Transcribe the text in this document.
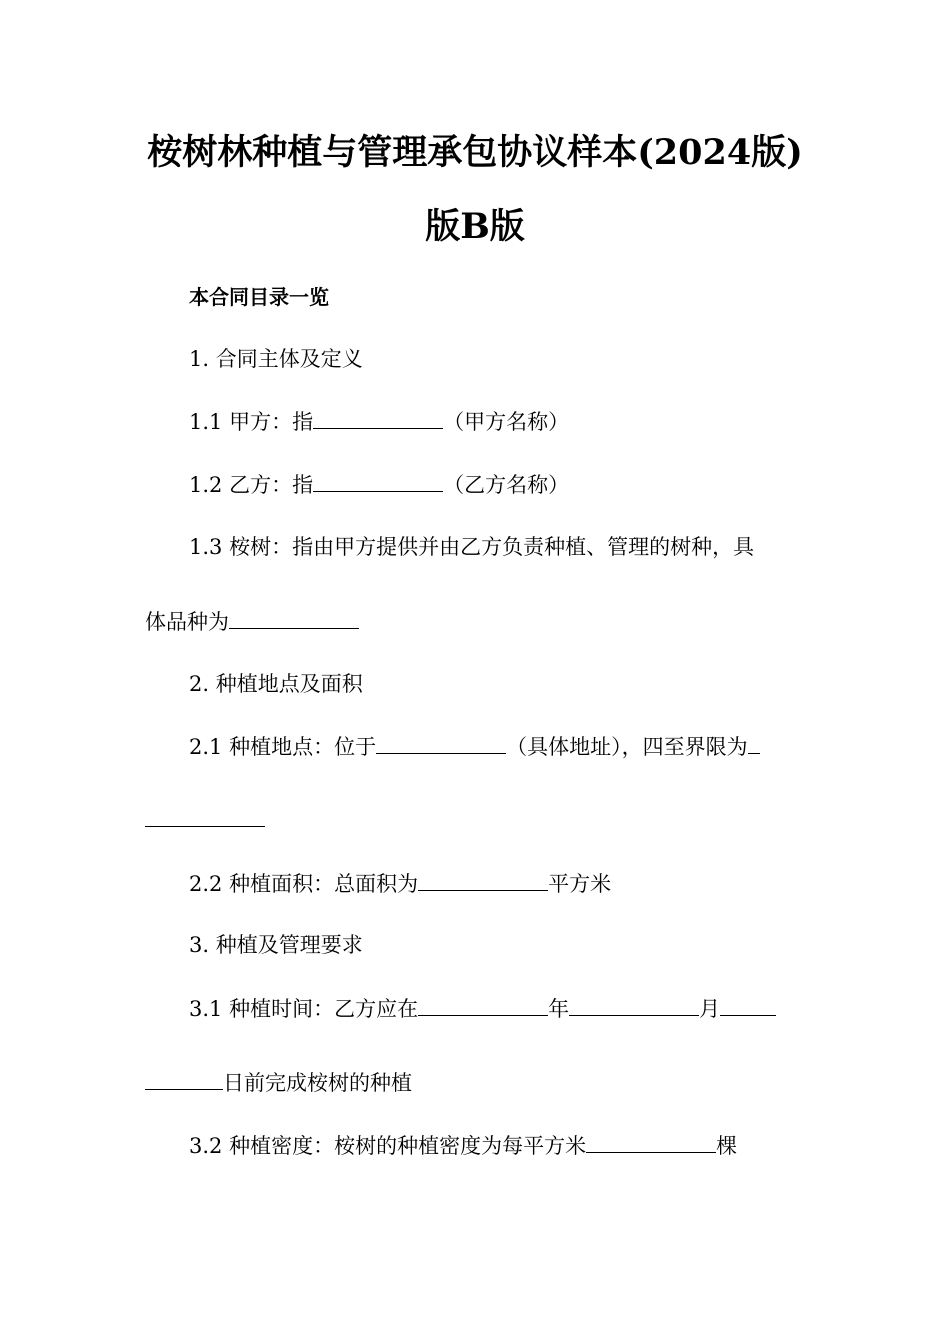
桉树林种植与管理承包协议样本(2024版)
版B版
本合同目录一览
1. 合同主体及定义
1.1 甲方：指	（甲方名称）
1.2 乙方：指	（乙方名称）
1.3 桉树：指由甲方提供并由乙方负责种植、管理的树种，具
体品种为
2. 种植地点及面积
2.1 种植地点：位于	（具体地址），四至界限为
2.2 种植面积：总面积为	平方米
3. 种植及管理要求
3.1 种植时间：乙方应在	年	月
日前完成桉树的种植
3.2 种植密度：桉树的种植密度为每平方米	棵
